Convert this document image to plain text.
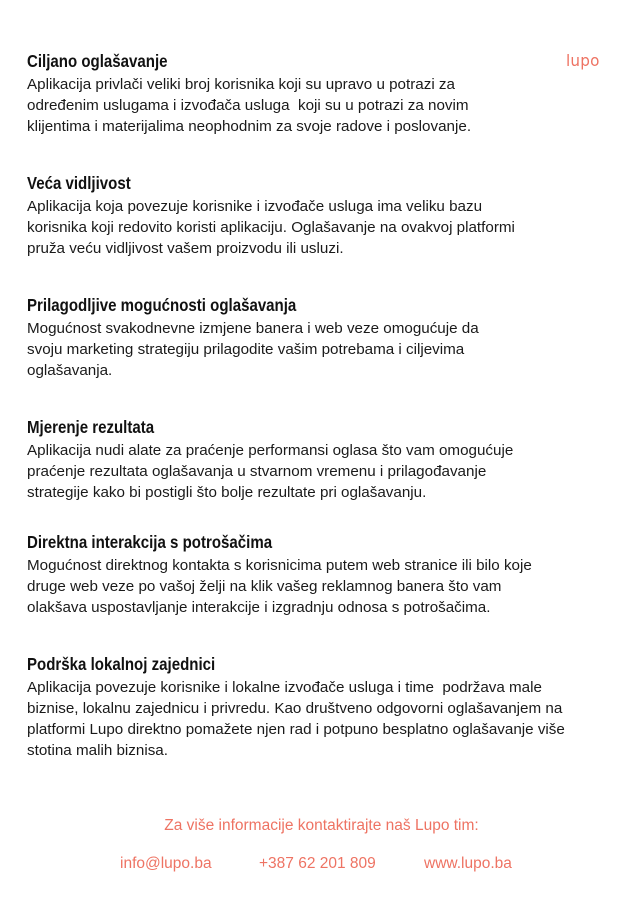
lupo
Ciljano oglašavanje
Aplikacija privlači veliki broj korisnika koji su upravo u potrazi za
određenim uslugama i izvođača usluga  koji su u potrazi za novim
klijentima i materijalima neophodnim za svoje radove i poslovanje.
Veća vidljivost
Aplikacija koja povezuje korisnike i izvođače usluga ima veliku bazu
korisnika koji redovito koristi aplikaciju. Oglašavanje na ovakvoj platformi
pruža veću vidljivost vašem proizvodu ili usluzi.
Prilagodljive mogućnosti oglašavanja
Mogućnost svakodnevne izmjene banera i web veze omogućuje da
svoju marketing strategiju prilagodite vašim potrebama i ciljevima
oglašavanja.
Mjerenje rezultata
Aplikacija nudi alate za praćenje performansi oglasa što vam omogućuje
praćenje rezultata oglašavanja u stvarnom vremenu i prilagođavanje
strategije kako bi postigli što bolje rezultate pri oglašavanju.
Direktna interakcija s potrošačima
Mogućnost direktnog kontakta s korisnicima putem web stranice ili bilo koje
druge web veze po vašoj želji na klik vašeg reklamnog banera što vam
olakšava uspostavljanje interakcije i izgradnju odnosa s potrošačima.
Podrška lokalnoj zajednici
Aplikacija povezuje korisnike i lokalne izvođače usluga i time  podržava male
biznise, lokalnu zajednicu i privredu. Kao društveno odgovorni oglašavanjem na
platformi Lupo direktno pomažete njen rad i potpuno besplatno oglašavanje više
stotina malih biznisa.
Za više informacije kontaktirajte naš Lupo tim:
info@lupo.ba	+387 62 201 809	www.lupo.ba
